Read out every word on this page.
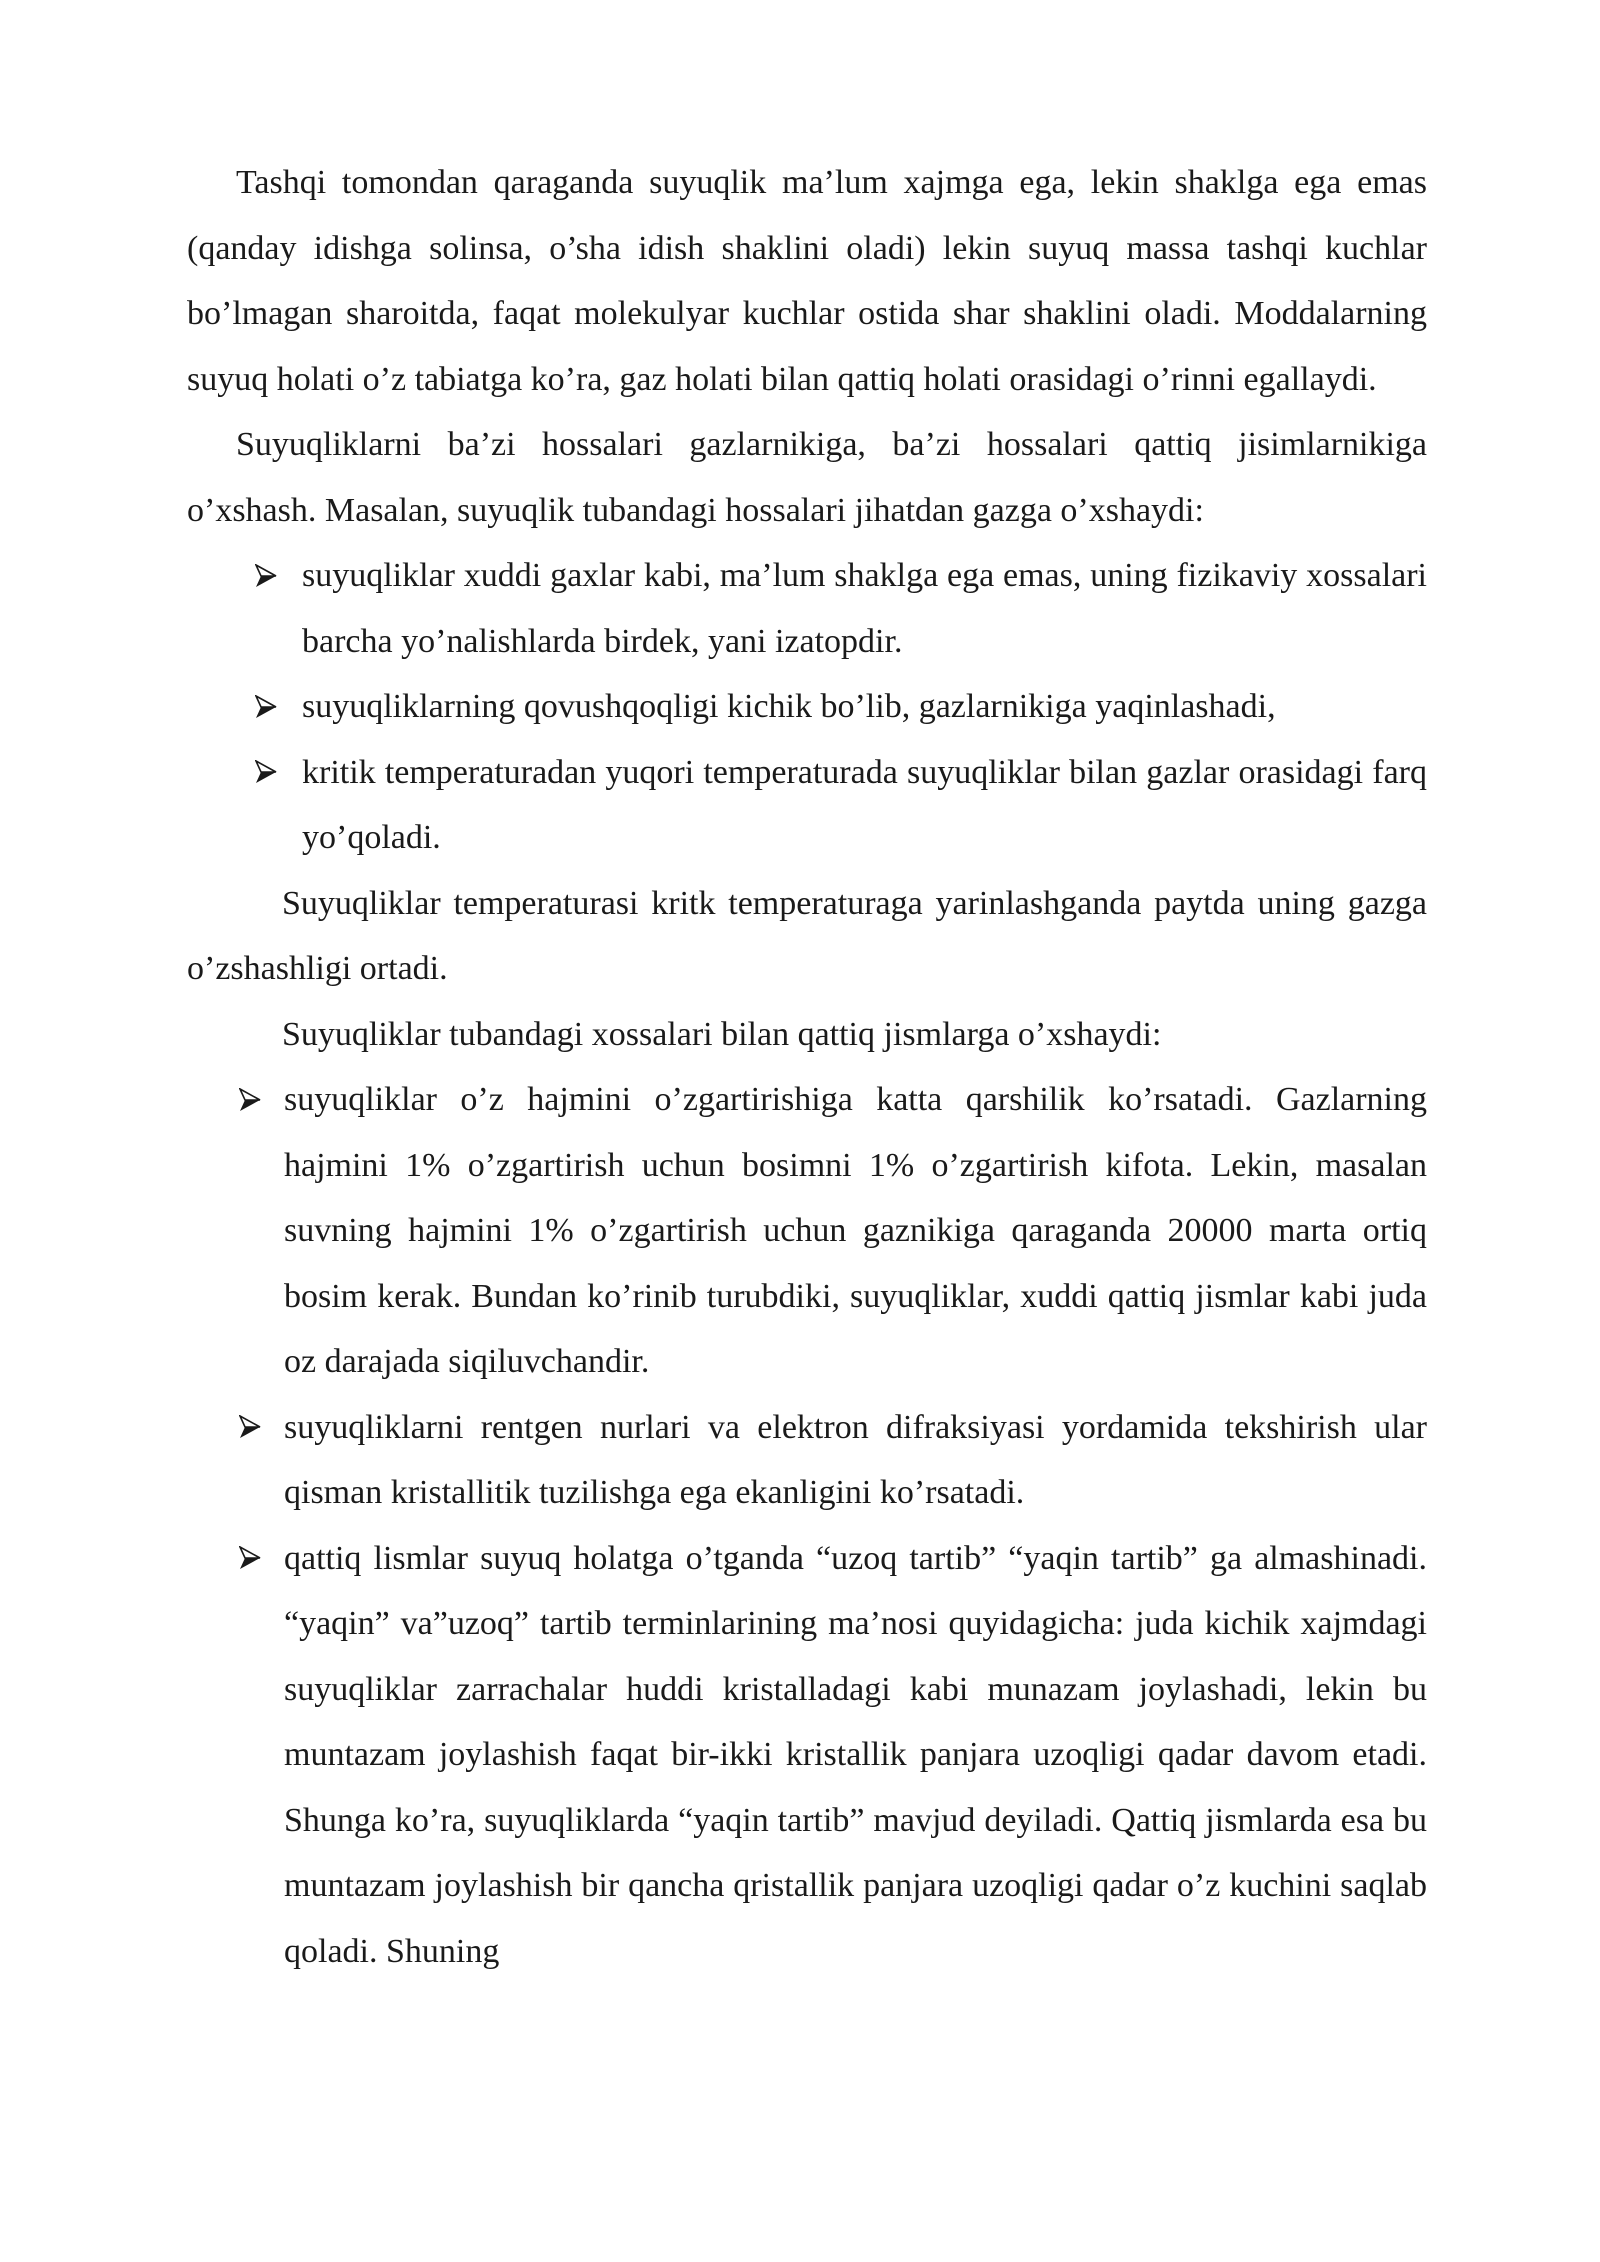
Tashqi tomondan qaraganda suyuqlik ma’lum xajmga ega, lekin shaklga ega emas (qanday idishga solinsa, o’sha idish shaklini oladi) lekin suyuq massa tashqi kuchlar bo’lmagan sharoitda, faqat molekulyar kuchlar ostida shar shaklini oladi. Moddalarning suyuq holati o’z tabiatga ko’ra, gaz holati bilan qattiq holati orasidagi o’rinni egallaydi.

Suyuqliklarni ba’zi hossalari gazlarnikiga, ba’zi hossalari qattiq jisimlarnikiga o’xshash. Masalan, suyuqlik tubandagi hossalari jihatdan gazga o’xshaydi:

suyuqliklar xuddi gaxlar kabi, ma’lum shaklga ega emas, uning fizikaviy xossalari barcha yo’nalishlarda birdek, yani izatopdir.
suyuqliklarning qovushqoqligi kichik bo’lib, gazlarnikiga yaqinlashadi,
kritik temperaturadan yuqori temperaturada suyuqliklar bilan gazlar orasidagi farq yo’qoladi.

Suyuqliklar temperaturasi kritk temperaturaga yarinlashganda paytda uning gazga o’zshashligi ortadi.

Suyuqliklar tubandagi xossalari bilan qattiq jismlarga o’xshaydi:

suyuqliklar o’z hajmini o’zgartirishiga katta qarshilik ko’rsatadi. Gazlarning hajmini 1% o’zgartirish uchun bosimni 1% o’zgartirish kifota. Lekin, masalan suvning hajmini 1% o’zgartirish uchun gaznikiga qaraganda 20000 marta ortiq bosim kerak. Bundan ko’rinib turubdiki, suyuqliklar, xuddi qattiq jismlar kabi juda oz darajada siqiluvchandir.
suyuqliklarni rentgen nurlari va elektron difraksiyasi yordamida tekshirish ular qisman kristallitik tuzilishga ega ekanligini ko’rsatadi.
qattiq lismlar suyuq holatga o’tganda “uzoq tartib” “yaqin tartib” ga almashinadi. “yaqin” va”uzoq” tartib terminlarining ma’nosi quyidagicha: juda kichik xajmdagi suyuqliklar zarrachalar huddi kristalladagi kabi munazam joylashadi, lekin bu muntazam joylashish faqat bir-ikki kristallik panjara uzoqligi qadar davom etadi. Shunga ko’ra, suyuqliklarda “yaqin tartib” mavjud deyiladi. Qattiq jismlarda esa bu muntazam joylashish bir qancha qristallik panjara uzoqligi qadar o’z kuchini saqlab qoladi. Shuning
